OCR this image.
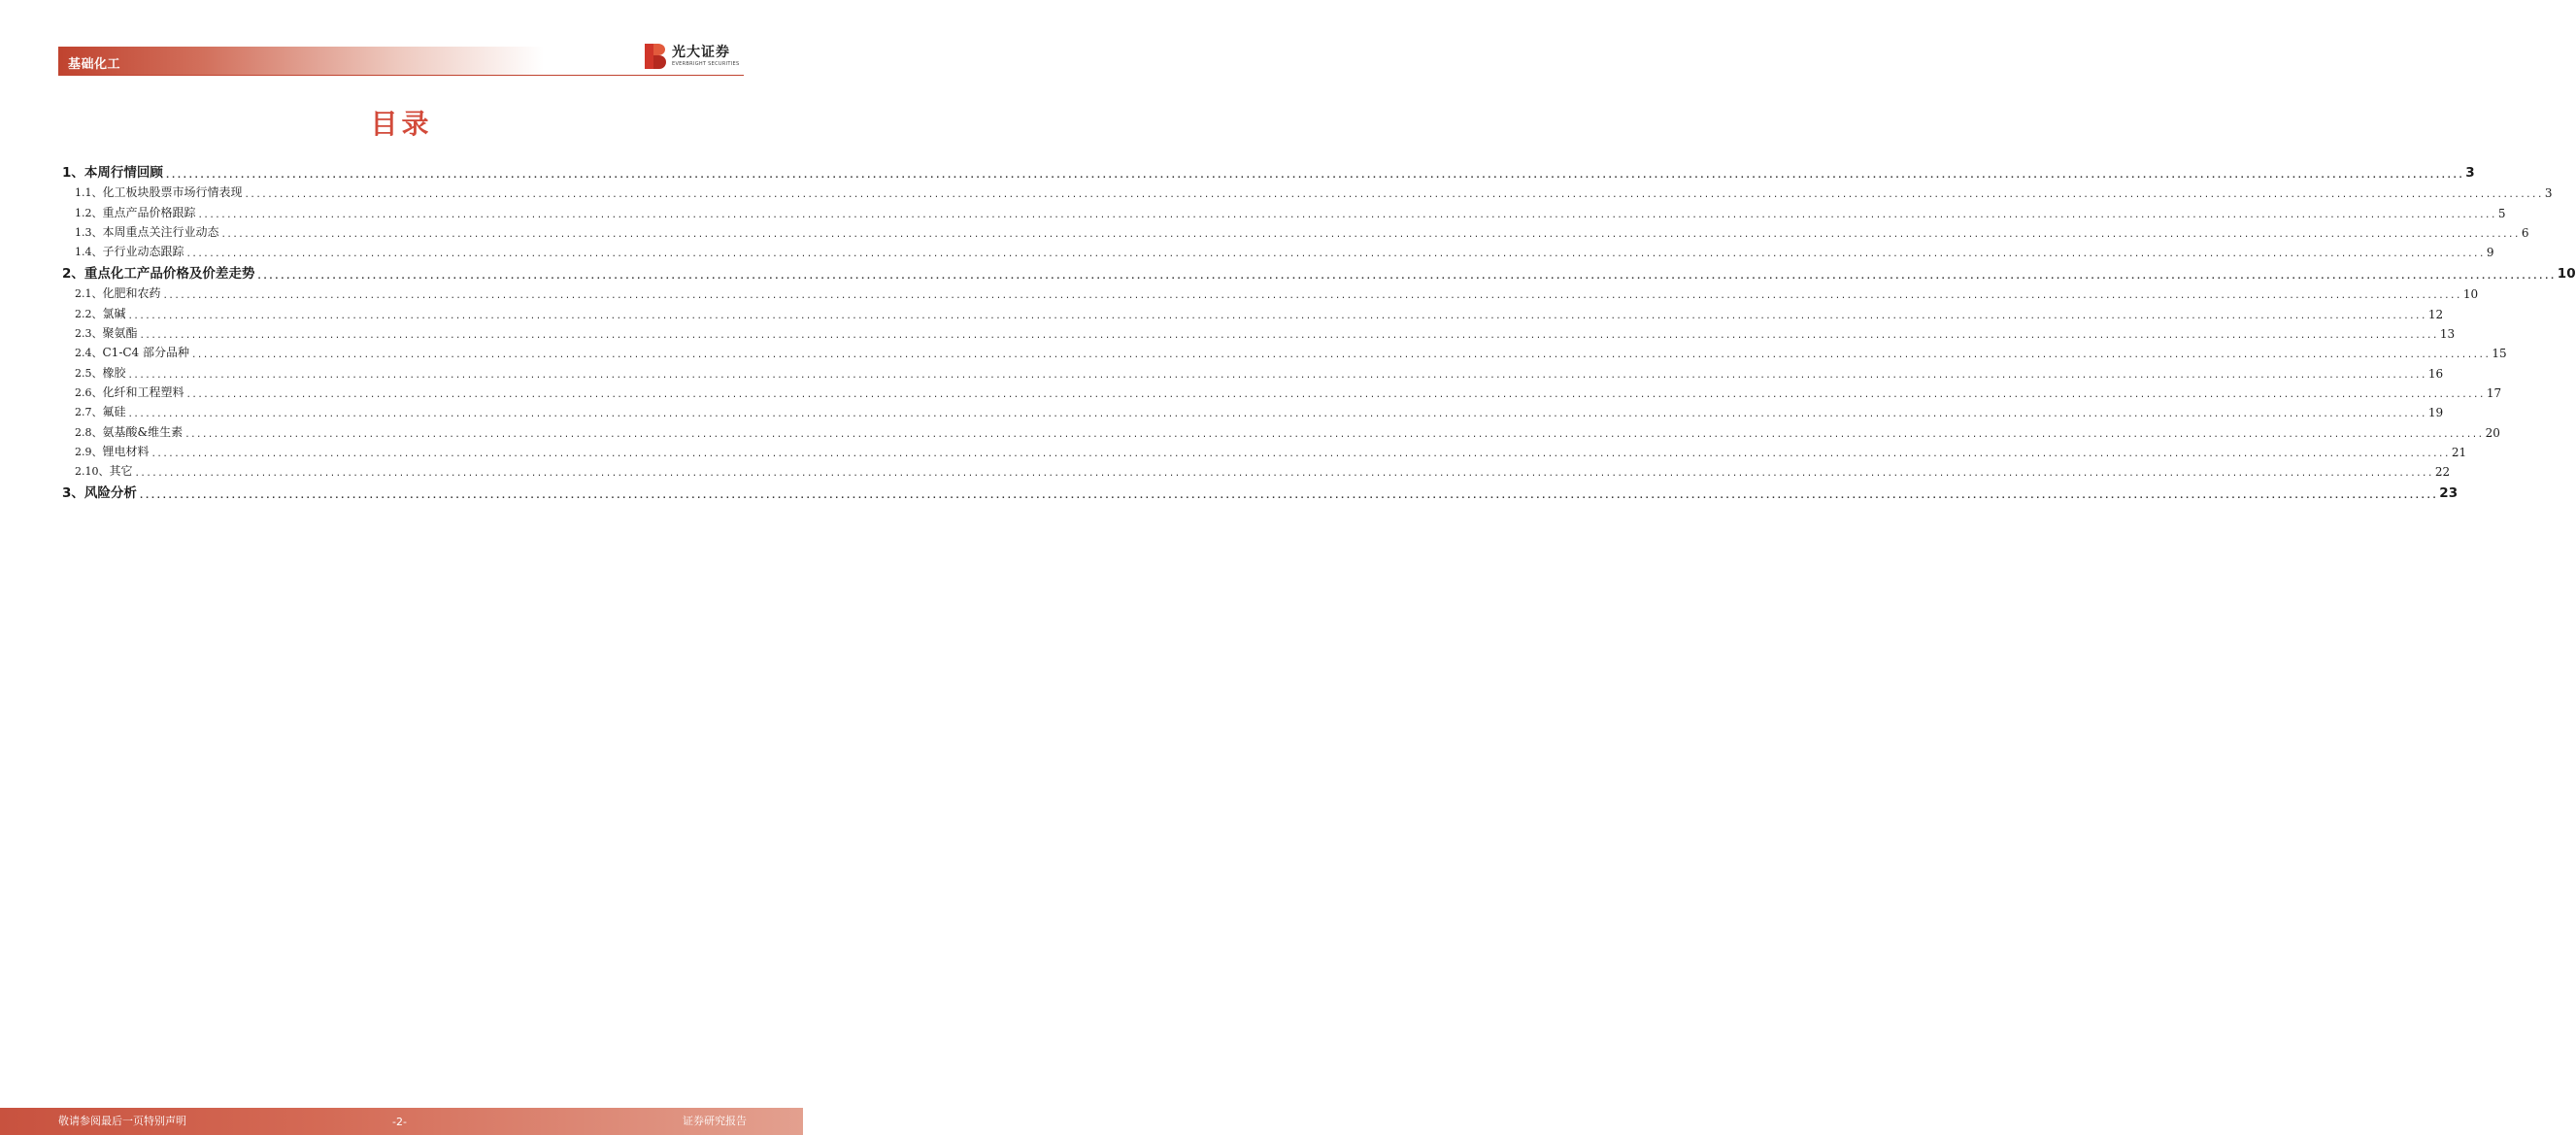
基础化工
光大证券
EVERBRIGHT SECURITIES
目录
1、 本周行情回顾 ................................................................................................................................................................................................................................................................................................................................................................................................................ 3
1.1、 化工板块股票市场行情表现 ................................................................................................................................................................................................................................................................................................................................................................................................................ 3
1.2、 重点产品价格跟踪 ................................................................................................................................................................................................................................................................................................................................................................................................................ 5
1.3、 本周重点关注行业动态 ................................................................................................................................................................................................................................................................................................................................................................................................................ 6
1.4、 子行业动态跟踪 ................................................................................................................................................................................................................................................................................................................................................................................................................ 9
2、 重点化工产品价格及价差走势 ................................................................................................................................................................................................................................................................................................................................................................................................................ 10
2.1、 化肥和农药 ................................................................................................................................................................................................................................................................................................................................................................................................................ 10
2.2、 氯碱 ................................................................................................................................................................................................................................................................................................................................................................................................................ 12
2.3、 聚氨酯 ................................................................................................................................................................................................................................................................................................................................................................................................................ 13
2.4、 C1-C4 部分品种 ................................................................................................................................................................................................................................................................................................................................................................................................................ 15
2.5、 橡胶 ................................................................................................................................................................................................................................................................................................................................................................................................................ 16
2.6、 化纤和工程塑料 ................................................................................................................................................................................................................................................................................................................................................................................................................ 17
2.7、 氟硅 ................................................................................................................................................................................................................................................................................................................................................................................................................ 19
2.8、 氨基酸&维生素 ................................................................................................................................................................................................................................................................................................................................................................................................................ 20
2.9、 锂电材料 ................................................................................................................................................................................................................................................................................................................................................................................................................ 21
2.10、 其它 ................................................................................................................................................................................................................................................................................................................................................................................................................ 22
3、 风险分析 ................................................................................................................................................................................................................................................................................................................................................................................................................ 23
敬请参阅最后一页特别声明	-2-	证券研究报告
